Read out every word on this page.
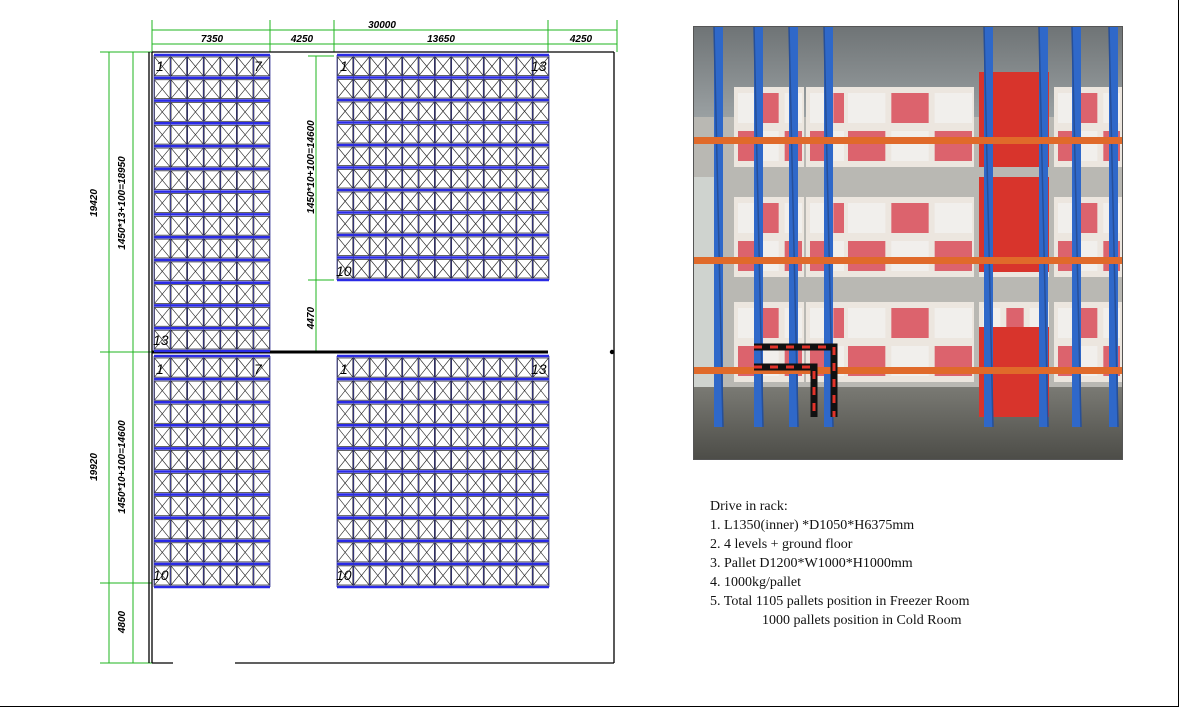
30000
7350	4250	13650	4250
19420
19920
4800
1450*13+100=18950
1450*10+100=14600
1450*10+100=14600
4470
1	7
13
1	13
10
1	7
10
1	13
10
Drive in rack:
1. L1350(inner) *D1050*H6375mm
2. 4 levels + ground floor
3. Pallet D1200*W1000*H1000mm
4. 1000kg/pallet
5. Total 1105 pallets position in Freezer Room
1000 pallets position in Cold Room
